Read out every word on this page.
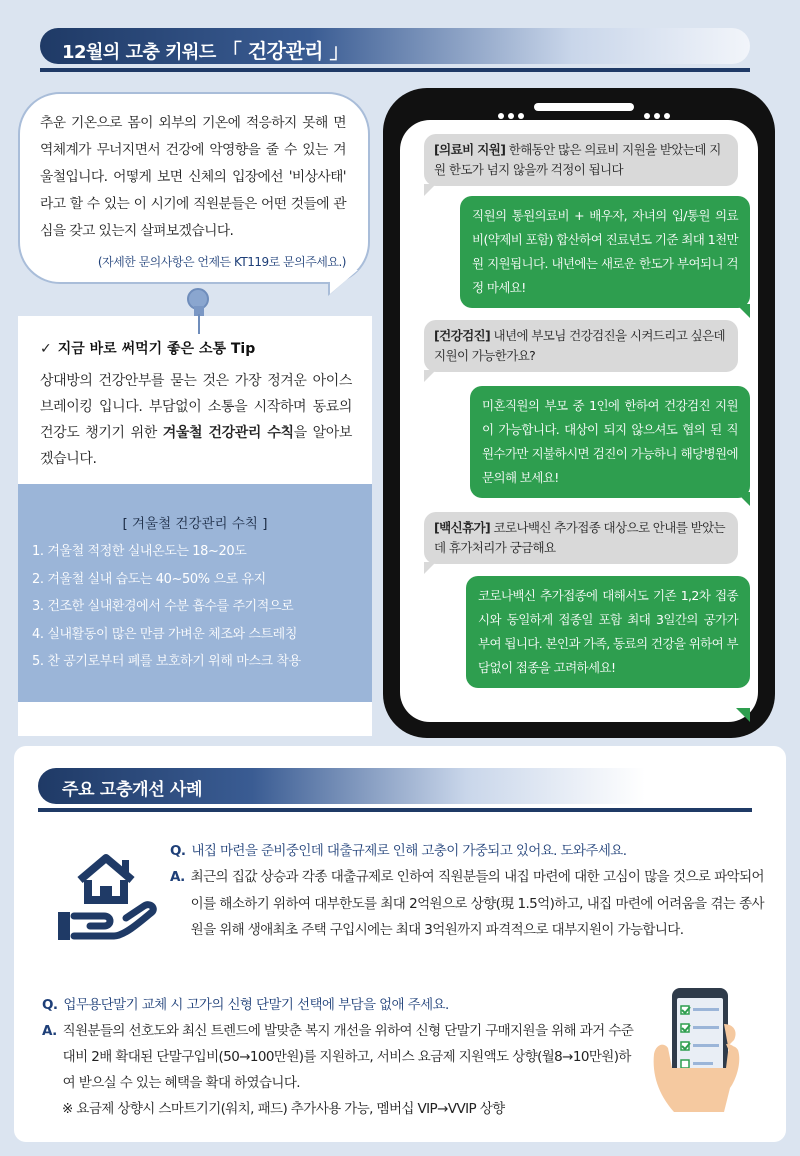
12월의 고충 키워드 「 건강관리 」

추운 기온으로 몸이 외부의 기온에 적응하지 못해 면역체계가 무너지면서 건강에 악영향을 줄 수 있는 겨울철입니다. 어떻게 보면 신체의 입장에선 '비상사태' 라고 할 수 있는 이 시기에 직원분들은 어떤 것들에 관심을 갖고 있는지 살펴보겠습니다.

(자세한 문의사항은 언제든 KT119로 문의주세요.)
✓ 지금 바로 써먹기 좋은 소통 Tip
상대방의 건강안부를 묻는 것은 가장 정겨운 아이스 브레이킹 입니다. 부담없이 소통을 시작하며 동료의 건강도 챙기기 위한 겨울철 건강관리 수칙을 알아보겠습니다.
[ 겨울철 건강관리 수칙 ]
1. 겨울철 적정한 실내온도는 18~20도
2. 겨울철 실내 습도는 40~50% 으로 유지
3. 건조한 실내환경에서 수분 흡수를 주기적으로
4. 실내활동이 많은 만큼 가벼운 체조와 스트레칭
5. 찬 공기로부터 폐를 보호하기 위해 마스크 착용
[의료비 지원] 한해동안 많은 의료비 지원을 받았는데 지원 한도가 넘지 않을까 걱정이 됩니다
직원의 통원의료비 + 배우자, 자녀의 입/통원 의료비(약제비 포함) 합산하여 진료년도 기준 최대 1천만원 지원됩니다. 내년에는 새로운 한도가 부여되니 걱정 마세요!
[건강검진] 내년에 부모님 건강검진을 시켜드리고 싶은데 지원이 가능한가요?
미혼직원의 부모 중 1인에 한하여 건강검진 지원이 가능합니다. 대상이 되지 않으셔도 협의 된 직원수가만 지불하시면 검진이 가능하니 해당병원에 문의해 보세요!
[백신휴가] 코로나백신 추가접종 대상으로 안내를 받았는데 휴가처리가 궁금해요
코로나백신 추가접종에 대해서도 기존 1,2차 접종 시와 동일하게 접종일 포함 최대 3일간의 공가가 부여 됩니다. 본인과 가족, 동료의 건강을 위하여 부담없이 접종을 고려하세요!
주요 고충개선 사례
Q. 내집 마련을 준비중인데 대출규제로 인해 고충이 가중되고 있어요. 도와주세요.
A. 최근의 집값 상승과 각종 대출규제로 인하여 직원분들의 내집 마련에 대한 고심이 많을 것으로 파악되어 이를 해소하기 위하여 대부한도를 최대 2억원으로 상향(現 1.5억)하고, 내집 마련에 어려움을 겪는 종사원을 위해 생애최초 주택 구입시에는 최대 3억원까지 파격적으로 대부지원이 가능합니다.
Q. 업무용단말기 교체 시 고가의 신형 단말기 선택에 부담을 없애 주세요.
A. 직원분들의 선호도와 최신 트렌드에 발맞춘 복지 개선을 위하여 신형 단말기 구매지원을 위해 과거 수준 대비 2배 확대된 단말구입비(50→100만원)를 지원하고, 서비스 요금제 지원액도 상향(월8→10만원)하여 받으실 수 있는 혜택을 확대 하였습니다.
※ 요금제 상향시 스마트기기(워치, 패드) 추가사용 가능, 멤버십 VIP→VVIP 상향
